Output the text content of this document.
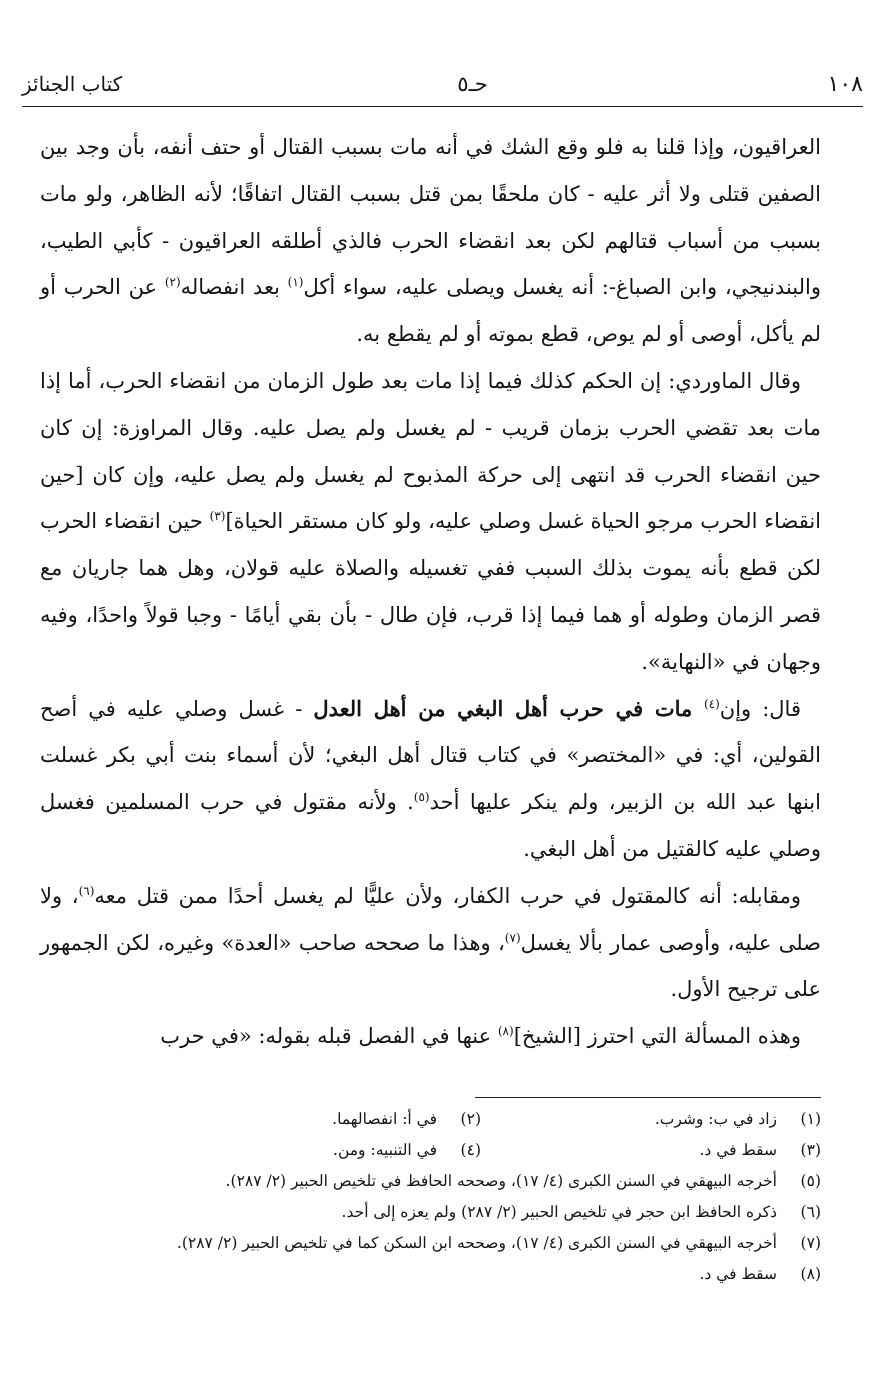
١٠٨
حـ٥
كتاب الجنائز

العراقيون، وإذا قلنا به فلو وقع الشك في أنه مات بسبب القتال أو حتف أنفه، بأن وجد بين الصفين قتلى ولا أثر عليه - كان ملحقًا بمن قتل بسبب القتال اتفاقًا؛ لأنه الظاهر، ولو مات بسبب من أسباب قتالهم لكن بعد انقضاء الحرب فالذي أطلقه العراقيون - كأبي الطيب، والبندنيجي، وابن الصباغ-: أنه يغسل ويصلى عليه، سواء أكل$^{(١)}$ بعد انفصاله$^{(٢)}$ عن الحرب أو لم يأكل، أوصى أو لم يوص، قطع بموته أو لم يقطع به.

وقال الماوردي: إن الحكم كذلك فيما إذا مات بعد طول الزمان من انقضاء الحرب، أما إذا مات بعد تقضي الحرب بزمان قريب - لم يغسل ولم يصل عليه. وقال المراوزة: إن كان حين انقضاء الحرب قد انتهى إلى حركة المذبوح لم يغسل ولم يصل عليه، وإن كان [حين انقضاء الحرب مرجو الحياة غسل وصلي عليه، ولو كان مستقر الحياة]$^{(٣)}$ حين انقضاء الحرب لكن قطع بأنه يموت بذلك السبب ففي تغسيله والصلاة عليه قولان، وهل هما جاريان مع قصر الزمان وطوله أو هما فيما إذا قرب، فإن طال - بأن بقي أيامًا - وجبا قولاً واحدًا، وفيه وجهان في «النهاية».

قال: وإن$^{(٤)}$ مات في حرب أهل البغي من أهل العدل - غسل وصلي عليه في أصح القولين، أي: في «المختصر» في كتاب قتال أهل البغي؛ لأن أسماء بنت أبي بكر غسلت ابنها عبد الله بن الزبير، ولم ينكر عليها أحد$^{(٥)}$. ولأنه مقتول في حرب المسلمين فغسل وصلي عليه كالقتيل من أهل البغي.

ومقابله: أنه كالمقتول في حرب الكفار، ولأن عليًّا لم يغسل أحدًا ممن قتل معه$^{(٦)}$، ولا صلى عليه، وأوصى عمار بألا يغسل$^{(٧)}$، وهذا ما صححه صاحب «العدة» وغيره، لكن الجمهور على ترجيح الأول.

وهذه المسألة التي احترز [الشيخ]$^{(٨)}$ عنها في الفصل قبله بقوله: «في حرب

(١)
زاد في ب: وشرب.
(٢)
في أ: انفصالهما.
(٣)
سقط في د.
(٤)
في التنبيه: ومن.
(٥)
أخرجه البيهقي في السنن الكبرى (٤/ ١٧)، وصححه الحافظ في تلخيص الحبير (٢/ ٢٨٧).
(٦)
ذكره الحافظ ابن حجر في تلخيص الحبير (٢/ ٢٨٧) ولم يعزه إلى أحد.
(٧)
أخرجه البيهقي في السنن الكبرى (٤/ ١٧)، وصححه ابن السكن كما في تلخيص الحبير (٢/ ٢٨٧).
(٨)
سقط في د.
